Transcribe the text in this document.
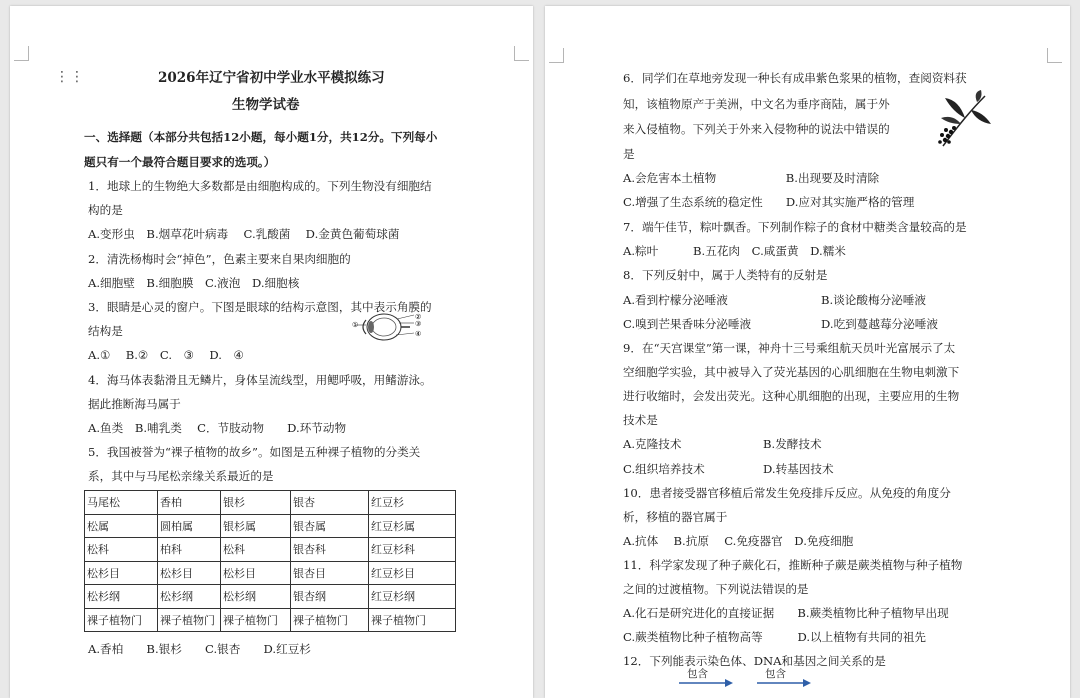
⋮⋮	2026年辽宁省初中学业水平模拟练习
生物学试卷
一、选择题（本部分共包括12小题，每小题1分，共12分。下列每小
题只有一个最符合题目要求的选项。）
1．地球上的生物绝大多数都是由细胞构成的。下列生物没有细胞结
构的是
A.变形虫　B.烟草花叶病毒　 C.乳酸菌　 D.金黄色葡萄球菌
2．清洗杨梅时会“掉色”，色素主要来自果肉细胞的
A.细胞壁　B.细胞膜　C.液泡　D.细胞核
3．眼睛是心灵的窗户。下图是眼球的结构示意图，其中表示角膜的
结构是
A.①　 B.②　C.　③　 D.　④
①
②
③
④
4．海马体表黏滑且无鳞片，身体呈流线型，用鳃呼吸，用鳍游泳。
据此推断海马属于
A.鱼类　B.哺乳类　 C．节肢动物　　D.环节动物
5．我国被誉为“裸子植物的故乡”。如图是五种裸子植物的分类关
系，其中与马尾松亲缘关系最近的是
马尾松	香柏	银杉	银杏	红豆杉
松属	圆柏属	银杉属	银杏属	红豆杉属
松科	柏科	松科	银杏科	红豆杉科
松杉目	松杉目	松杉目	银杏目	红豆杉目
松杉纲	松杉纲	松杉纲	银杏纲	红豆杉纲
裸子植物门	裸子植物门	裸子植物门	裸子植物门	裸子植物门
A.香柏　　B.银杉　　C.银杏　　D.红豆杉
6．同学们在草地旁发现一种长有成串紫色浆果的植物，查阅资料获
知，该植物原产于美洲，中文名为垂序商陆，属于外
来入侵植物。下列关于外来入侵物种的说法中错误的
是
A.会危害本土植物　　　　　　B.出现要及时清除
C.增强了生态系统的稳定性　　D.应对其实施严格的管理
7．端午佳节，粽叶飘香。下列制作粽子的食材中糖类含量较高的是
A.粽叶　　　B.五花肉　C.咸蛋黄　D.糯米
8．下列反射中，属于人类特有的反射是
A.看到柠檬分泌唾液	B.谈论酸梅分泌唾液
C.嗅到芒果香味分泌唾液	D.吃到蔓越莓分泌唾液
9．在“天宫课堂”第一课，神舟十三号乘组航天员叶光富展示了太
空细胞学实验，其中被导入了荧光基因的心肌细胞在生物电刺激下
进行收缩时，会发出荧光。这种心肌细胞的出现，主要应用的生物
技术是
A.克隆技术	B.发酵技术
C.组织培养技术	D.转基因技术
10．患者接受器官移植后常发生免疫排斥反应。从免疫的角度分
析，移植的器官属于
A.抗体　 B.抗原　 C.免疫器官　D.免疫细胞
11．科学家发现了种子蕨化石，推断种子蕨是蕨类植物与种子植物
之间的过渡植物。下列说法错误的是
A.化石是研究进化的直接证据　　B.蕨类植物比种子植物早出现
C.蕨类植物比种子植物高等　　　D.以上植物有共同的祖先
12．下列能表示染色体、DNA和基因之间关系的是
包含	包含
